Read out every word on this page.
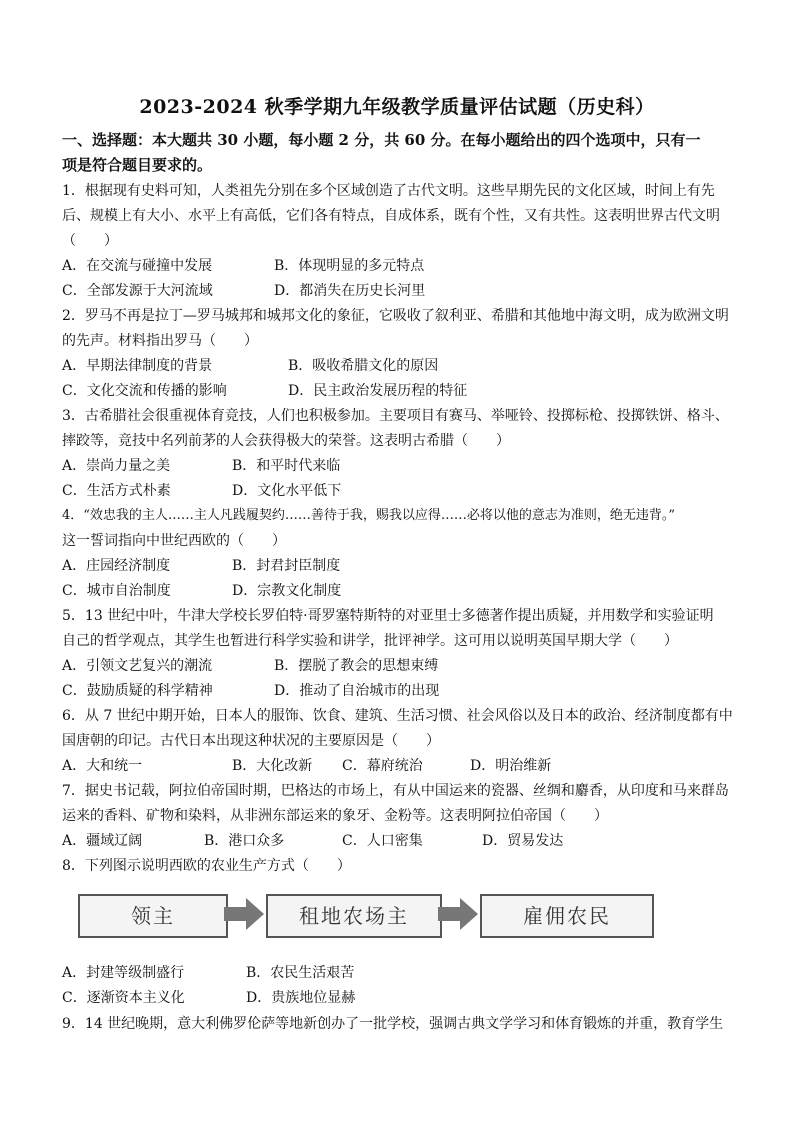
2023-2024 秋季学期九年级教学质量评估试题（历史科）
一、选择题：本大题共 30 小题，每小题 2 分，共 60 分。在每小题给出的四个选项中，只有一
项是符合题目要求的。
1．根据现有史料可知，人类祖先分别在多个区域创造了古代文明。这些早期先民的文化区域，时间上有先
后、规模上有大小、水平上有高低，它们各有特点，自成体系，既有个性，又有共性。这表明世界古代文明
（　　）
A．在交流与碰撞中发展	B．体现明显的多元特点
C．全部发源于大河流域	D．都消失在历史长河里
2．罗马不再是拉丁—罗马城邦和城邦文化的象征，它吸收了叙利亚、希腊和其他地中海文明，成为欧洲文明
的先声。材料指出罗马（　　）
A．早期法律制度的背景	B．吸收希腊文化的原因
C．文化交流和传播的影响	D．民主政治发展历程的特征
3．古希腊社会很重视体育竞技，人们也积极参加。主要项目有赛马、举哑铃、投掷标枪、投掷铁饼、格斗、
摔跤等，竞技中名列前茅的人会获得极大的荣誉。这表明古希腊（　　）
A．崇尚力量之美	B．和平时代来临
C．生活方式朴素	D．文化水平低下
4．“效忠我的主人……主人凡践履契约……善待于我，赐我以应得……必将以他的意志为准则，绝无违背。”
这一誓词指向中世纪西欧的（　　）
A．庄园经济制度	B．封君封臣制度
C．城市自治制度	D．宗教文化制度
5．13 世纪中叶，牛津大学校长罗伯特·哥罗塞特斯特的对亚里士多德著作提出质疑，并用数学和实验证明
自己的哲学观点，其学生也暂进行科学实验和讲学，批评神学。这可用以说明英国早期大学（　　）
A．引领文艺复兴的潮流	B．摆脱了教会的思想束缚
C．鼓励质疑的科学精神	D．推动了自治城市的出现
6．从 7 世纪中期开始，日本人的服饰、饮食、建筑、生活习惯、社会风俗以及日本的政治、经济制度都有中
国唐朝的印记。古代日本出现这种状况的主要原因是（　　）
A．大和统一	B．大化改新 C．幕府统治	D．明治维新
7．据史书记载，阿拉伯帝国时期，巴格达的市场上，有从中国运来的瓷器、丝绸和麝香，从印度和马来群岛
运来的香料、矿物和染料，从非洲东部运来的象牙、金粉等。这表明阿拉伯帝国（　　）
A．疆域辽阔	B．港口众多	C．人口密集	D．贸易发达
8．下列图示说明西欧的农业生产方式（　　）
领主	租地农场主	雇佣农民
A．封建等级制盛行	B．农民生活艰苦
C．逐渐资本主义化	D．贵族地位显赫
9．14 世纪晚期，意大利佛罗伦萨等地新创办了一批学校，强调古典文学学习和体育锻炼的并重，教育学生
